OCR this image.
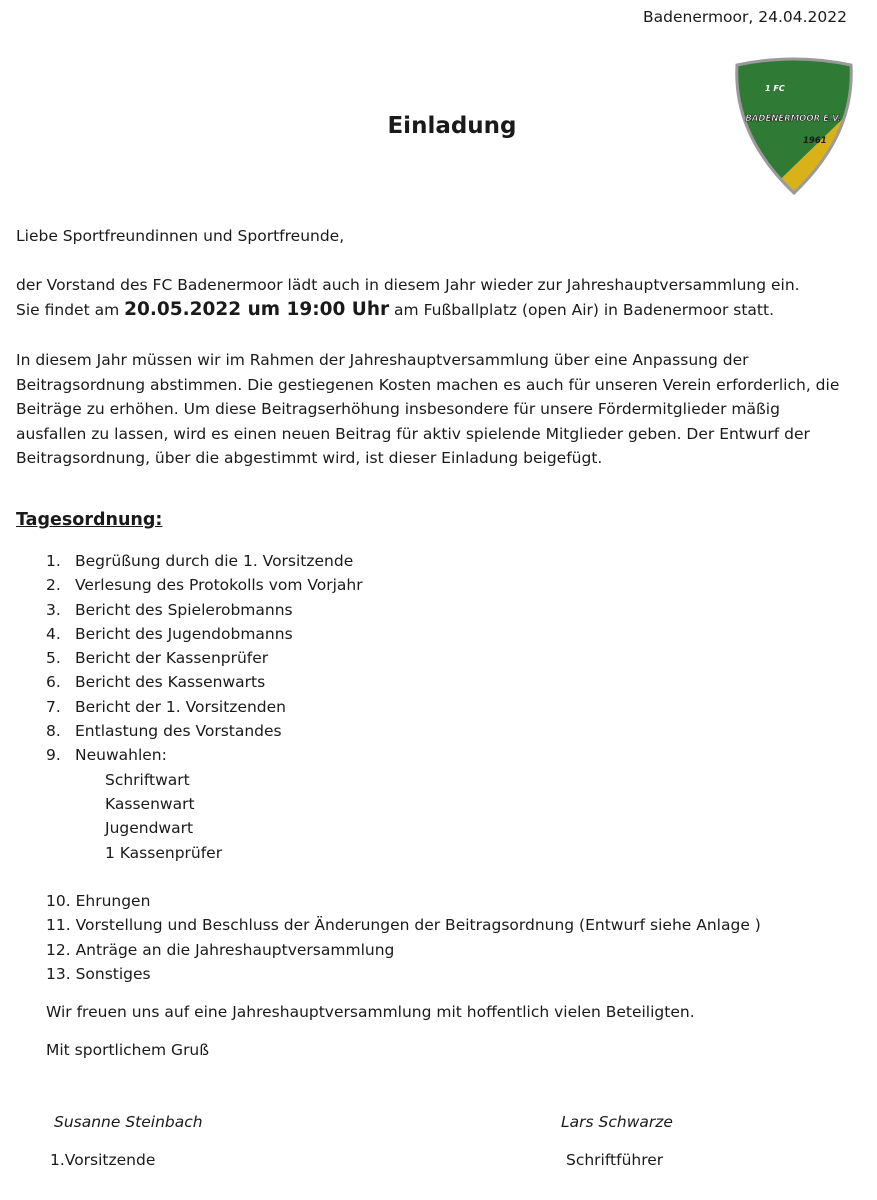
Badenermoor, 24.04.2022
Einladung
1 FC
BADENERMOOR E.V.
1961
Liebe Sportfreundinnen und Sportfreunde,
der Vorstand des FC Badenermoor lädt auch in diesem Jahr wieder zur Jahreshauptversammlung ein.
Sie findet am 20.05.2022 um 19:00 Uhr am Fußballplatz (open Air) in Badenermoor statt.
In diesem Jahr müssen wir im Rahmen der Jahreshauptversammlung über eine Anpassung der
Beitragsordnung abstimmen. Die gestiegenen Kosten machen es auch für unseren Verein erforderlich, die
Beiträge zu erhöhen. Um diese Beitragserhöhung insbesondere für unsere Fördermitglieder mäßig
ausfallen zu lassen, wird es einen neuen Beitrag für aktiv spielende Mitglieder geben. Der Entwurf der
Beitragsordnung, über die abgestimmt wird, ist dieser Einladung beigefügt.
Tagesordnung:
1. Begrüßung durch die 1. Vorsitzende
2. Verlesung des Protokolls vom Vorjahr
3. Bericht des Spielerobmanns
4. Bericht des Jugendobmanns
5. Bericht der Kassenprüfer
6. Bericht des Kassenwarts
7. Bericht der 1. Vorsitzenden
8. Entlastung des Vorstandes
9. Neuwahlen:
Schriftwart
Kassenwart
Jugendwart
1 Kassenprüfer
10. Ehrungen
11. Vorstellung und Beschluss der Änderungen der Beitragsordnung (Entwurf siehe Anlage )
12. Anträge an die Jahreshauptversammlung
13. Sonstiges
Wir freuen uns auf eine Jahreshauptversammlung mit hoffentlich vielen Beteiligten.
Mit sportlichem Gruß
Susanne Steinbach
1.Vorsitzende
Lars Schwarze
Schriftführer
